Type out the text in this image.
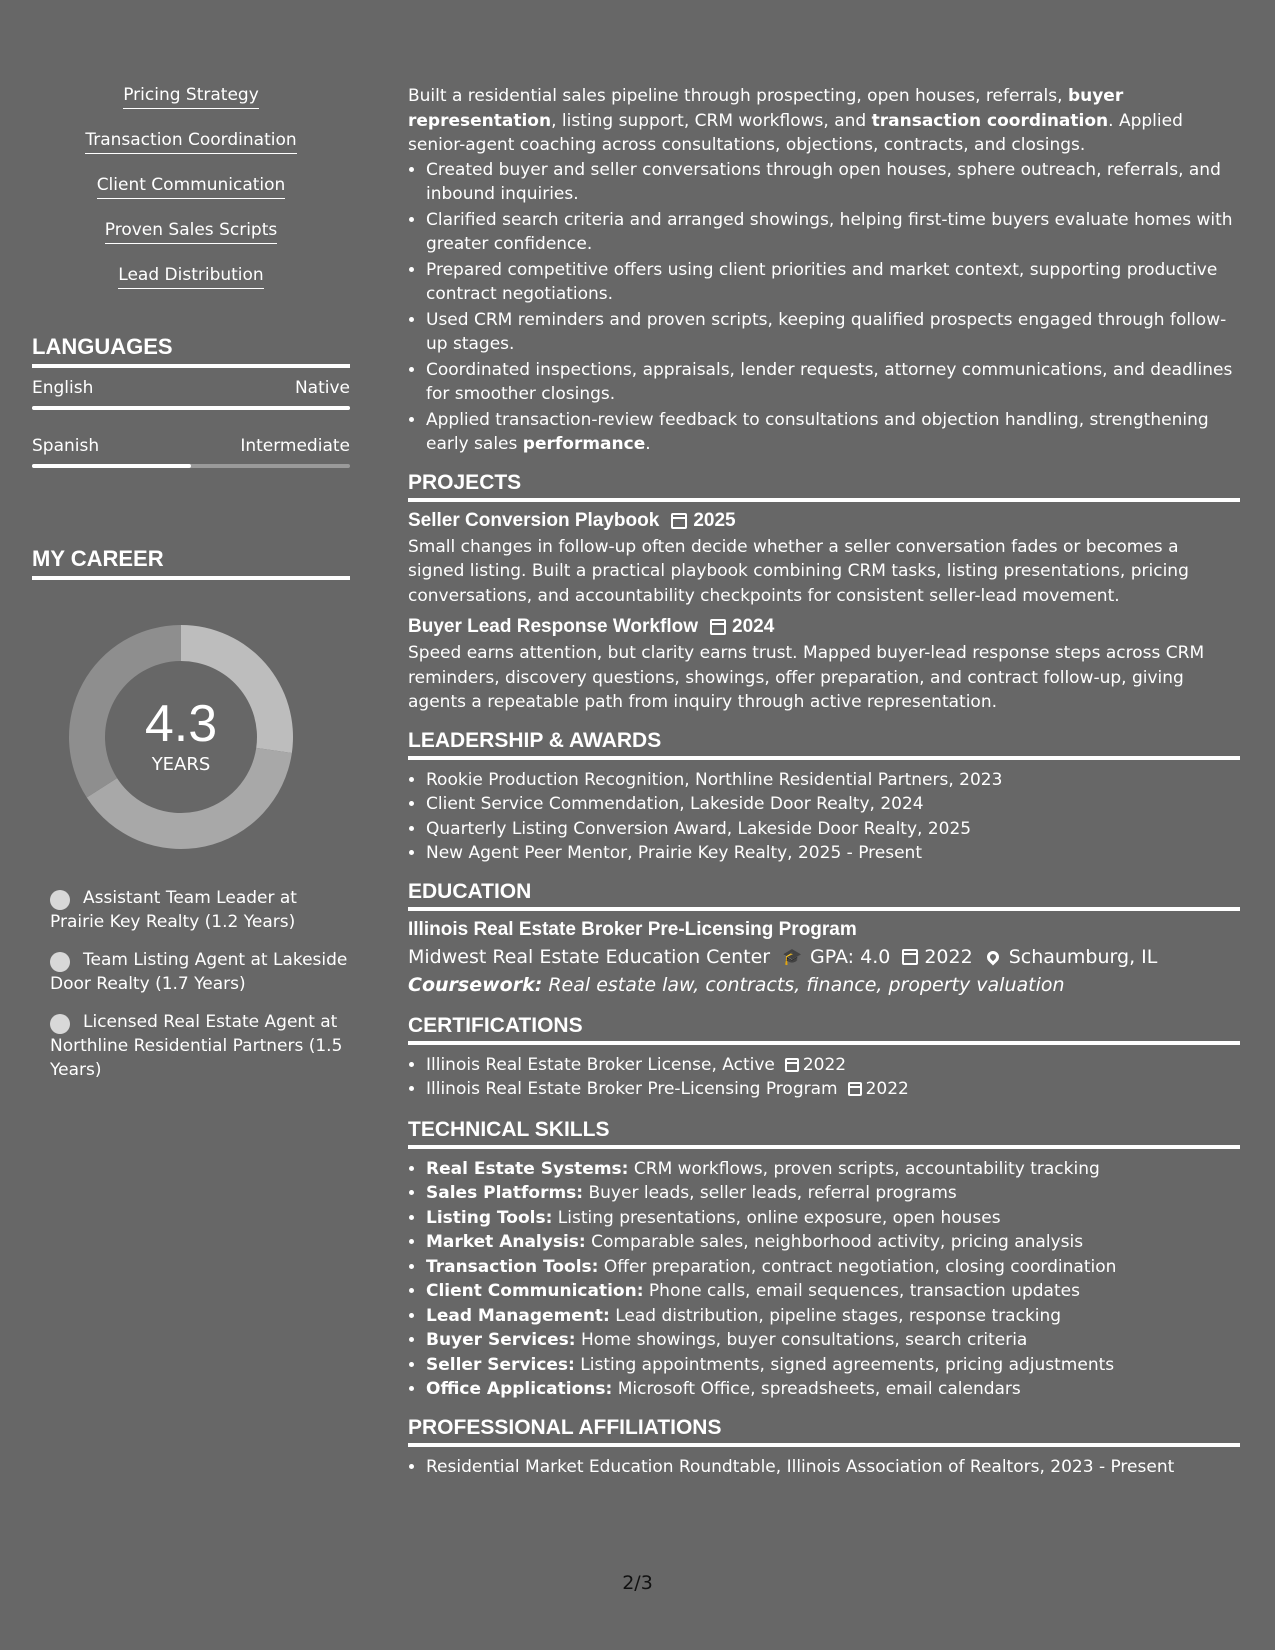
Pricing Strategy
Transaction Coordination
Client Communication
Proven Sales Scripts
Lead Distribution
LANGUAGES
English	Native
Spanish	Intermediate
MY CAREER
4.3
YEARS
Assistant Team Leader at Prairie Key Realty (1.2 Years)
Team Listing Agent at Lakeside Door Realty (1.7 Years)
Licensed Real Estate Agent at Northline Residential Partners (1.5 Years)

Built a residential sales pipeline through prospecting, open houses, referrals, buyer representation, listing support, CRM workflows, and transaction coordination. Applied senior-agent coaching across consultations, objections, contracts, and closings.

• Created buyer and seller conversations through open houses, sphere outreach, referrals, and inbound inquiries.
• Clarified search criteria and arranged showings, helping first-time buyers evaluate homes with greater confidence.
• Prepared competitive offers using client priorities and market context, supporting productive contract negotiations.
• Used CRM reminders and proven scripts, keeping qualified prospects engaged through follow-up stages.
• Coordinated inspections, appraisals, lender requests, attorney communications, and deadlines for smoother closings.
• Applied transaction-review feedback to consultations and objection handling, strengthening early sales performance.
PROJECTS
Seller Conversion Playbook 2025

Small changes in follow-up often decide whether a seller conversation fades or becomes a signed listing. Built a practical playbook combining CRM tasks, listing presentations, pricing conversations, and accountability checkpoints for consistent seller-lead movement.

Buyer Lead Response Workflow 2024

Speed earns attention, but clarity earns trust. Mapped buyer-lead response steps across CRM reminders, discovery questions, showings, offer preparation, and contract follow-up, giving agents a repeatable path from inquiry through active representation.

LEADERSHIP & AWARDS
• Rookie Production Recognition, Northline Residential Partners, 2023
• Client Service Commendation, Lakeside Door Realty, 2024
• Quarterly Listing Conversion Award, Lakeside Door Realty, 2025
• New Agent Peer Mentor, Prairie Key Realty, 2025 - Present
EDUCATION
Illinois Real Estate Broker Pre-Licensing Program
Midwest Real Estate Education Center 🎓 GPA: 4.0 2022 Schaumburg, IL
Coursework: Real estate law, contracts, finance, property valuation
CERTIFICATIONS
• Illinois Real Estate Broker License, Active 2022
• Illinois Real Estate Broker Pre-Licensing Program 2022
TECHNICAL SKILLS
• Real Estate Systems: CRM workflows, proven scripts, accountability tracking
• Sales Platforms: Buyer leads, seller leads, referral programs
• Listing Tools: Listing presentations, online exposure, open houses
• Market Analysis: Comparable sales, neighborhood activity, pricing analysis
• Transaction Tools: Offer preparation, contract negotiation, closing coordination
• Client Communication: Phone calls, email sequences, transaction updates
• Lead Management: Lead distribution, pipeline stages, response tracking
• Buyer Services: Home showings, buyer consultations, search criteria
• Seller Services: Listing appointments, signed agreements, pricing adjustments
• Office Applications: Microsoft Office, spreadsheets, email calendars
PROFESSIONAL AFFILIATIONS
• Residential Market Education Roundtable, Illinois Association of Realtors, 2023 - Present
2/3
